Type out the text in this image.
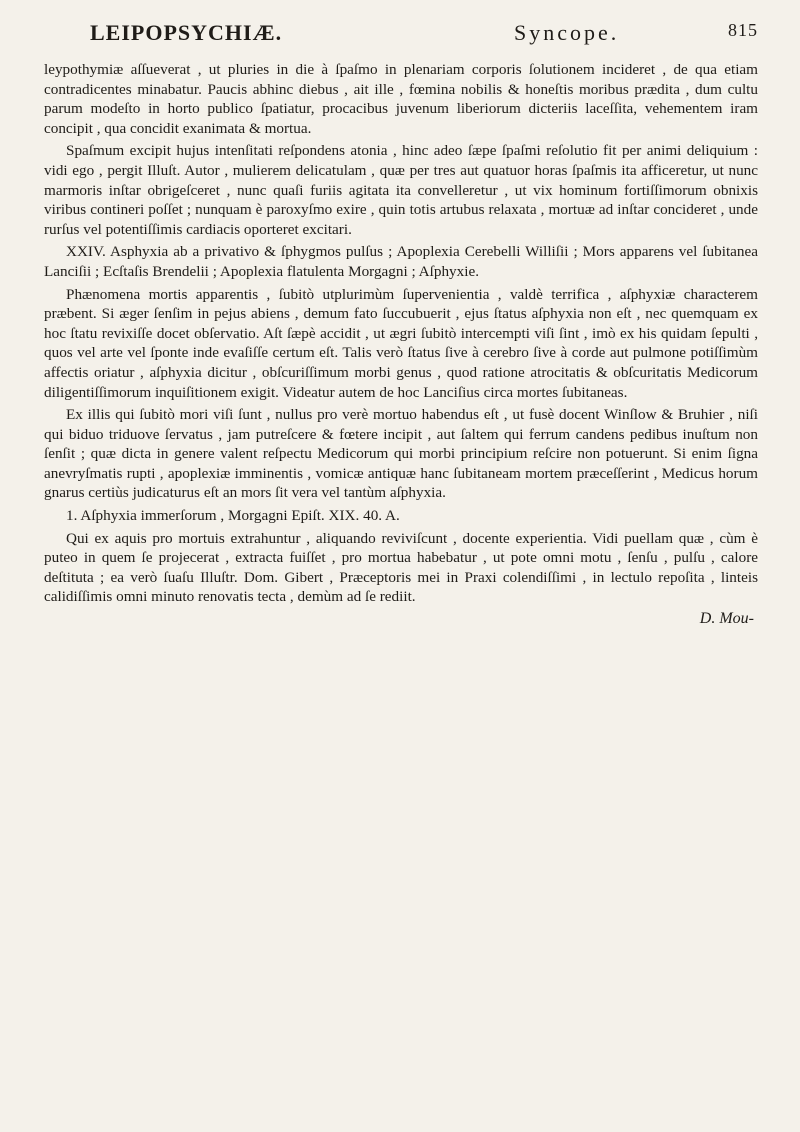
LEIPOPSYCHIÆ.	Syncope.	815

leypothymiæ aſſueverat , ut pluries in die à ſpaſmo in plenariam corporis ſolutionem incideret , de qua etiam contradicentes minabatur. Paucis abhinc diebus , ait ille , fœmina nobilis & honeſtis moribus prædita , dum cultu parum modeſto in horto publico ſpatiatur, procacibus juvenum liberiorum dicteriis laceſſita, vehementem iram concipit , qua concidit exanimata & mortua.

Spaſmum excipit hujus intenſitati reſpondens atonia , hinc adeo ſæpe ſpaſmi reſolutio fit per animi deliquium : vidi ego , pergit Illuſt. Autor , mulierem delicatulam , quæ per tres aut quatuor horas ſpaſmis ita afficeretur, ut nunc marmoris inſtar obrigeſceret , nunc quaſi furiis agitata ita convelleretur , ut vix hominum fortiſſimorum obnixis viribus contineri poſſet ; nunquam è paroxyſmo exire , quin totis artubus relaxata , mortuæ ad inſtar concideret , unde rurſus vel potentiſſimis cardiacis oporteret excitari.

XXIV. Asphyxia ab a privativo & ſphygmos pulſus ; Apoplexia Cerebelli Williſii ; Mors apparens vel ſubitanea Lanciſii ; Ecſtaſis Brendelii ; Apoplexia flatulenta Morgagni ; Aſphyxie.

Phænomena mortis apparentis , ſubitò utplurimùm ſupervenientia , valdè terrifica , aſphyxiæ characterem præbent. Si æger ſenſim in pejus abiens , demum fato ſuccubuerit , ejus ſtatus aſphyxia non eſt , nec quemquam ex hoc ſtatu revixiſſe docet obſervatio. Aſt ſæpè accidit , ut ægri ſubitò intercempti viſi ſint , imò ex his quidam ſepulti , quos vel arte vel ſponte inde evaſiſſe certum eſt. Talis verò ſtatus ſive à cerebro ſive à corde aut pulmone potiſſimùm affectis oriatur , aſphyxia dicitur , obſcuriſſimum morbi genus , quod ratione atrocitatis & obſcuritatis Medicorum diligentiſſimorum inquiſitionem exigit. Videatur autem de hoc Lanciſius circa mortes ſubitaneas.

Ex illis qui ſubitò mori viſi ſunt , nullus pro verè mortuo habendus eſt , ut fusè docent Winſlow & Bruhier , niſi qui biduo triduove ſervatus , jam putreſcere & fœtere incipit , aut ſaltem qui ferrum candens pedibus inuſtum non ſenſit ; quæ dicta in genere valent reſpectu Medicorum qui morbi principium reſcire non potuerunt. Si enim ſigna anevryſmatis rupti , apoplexiæ imminentis , vomicæ antiquæ hanc ſubitaneam mortem præceſſerint , Medicus horum gnarus certiùs judicaturus eſt an mors ſit vera vel tantùm aſphyxia.

1. Aſphyxia immerſorum , Morgagni Epiſt. XIX. 40. A.

Qui ex aquis pro mortuis extrahuntur , aliquando reviviſcunt , docente experientia. Vidi puellam quæ , cùm è puteo in quem ſe projecerat , extracta fuiſſet , pro mortua habebatur , ut pote omni motu , ſenſu , pulſu , calore deſtituta ; ea verò ſuaſu Illuſtr. Dom. Gibert , Præceptoris mei in Praxi colendiſſimi , in lectulo repoſita , linteis calidiſſimis omni minuto renovatis tecta , demùm ad ſe rediit.

D. Mou-
